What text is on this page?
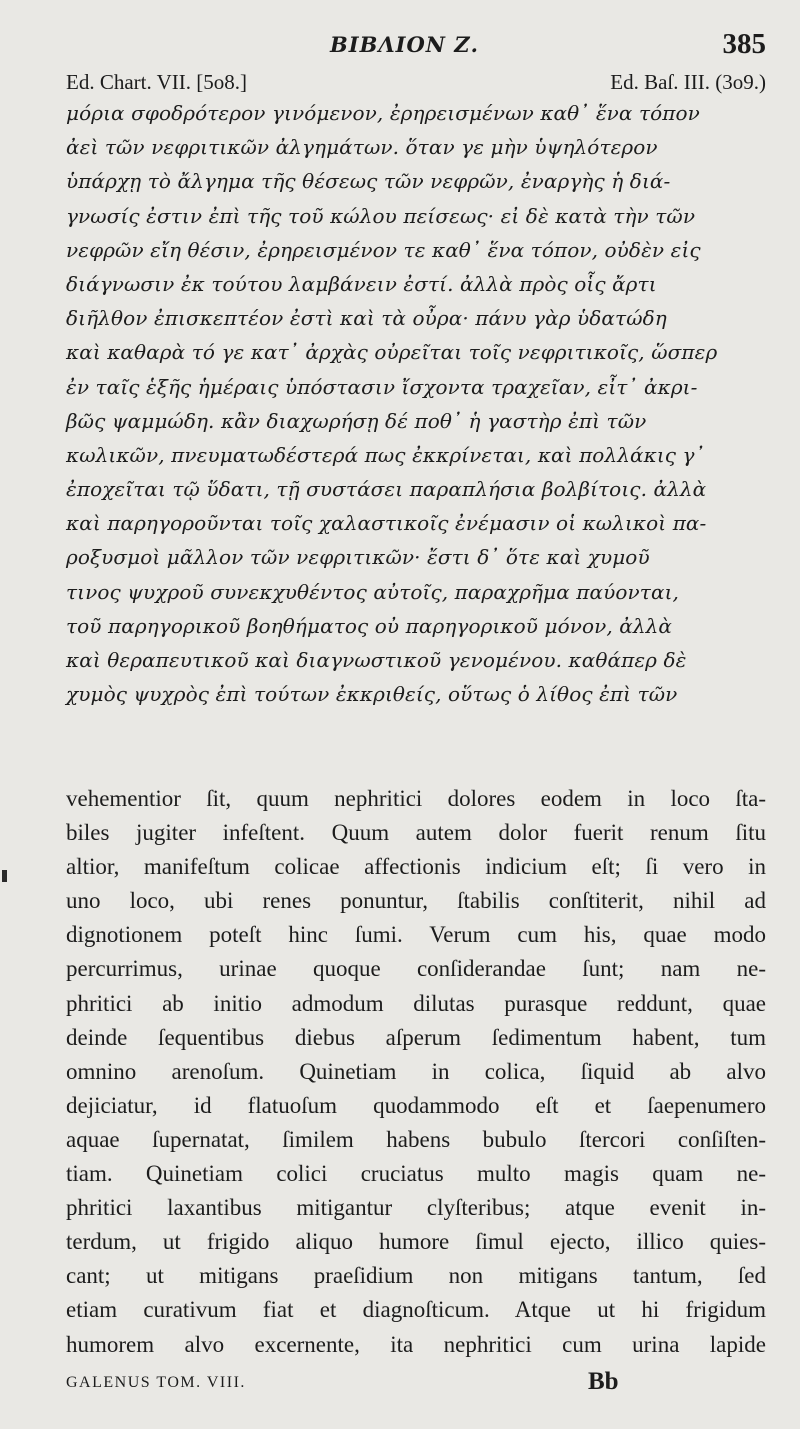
ΒΙΒΛΙΟΝ Ζ.	385
Ed. Chart. VII. [5o8.]	Ed. Baſ. III. (3o9.)
μόρια σφοδρότερον γινόμενον, ἐρηρεισμένων καθ᾽ ἕνα τόπον
ἀεὶ τῶν νεφριτικῶν ἀλγημάτων. ὅταν γε μὴν ὑψηλότερον
ὑπάρχῃ τὸ ἄλγημα τῆς θέσεως τῶν νεφρῶν, ἐναργὴς ἡ διά-
γνωσίς ἐστιν ἐπὶ τῆς τοῦ κώλου πείσεως· εἰ δὲ κατὰ τὴν τῶν
νεφρῶν εἴη θέσιν, ἐρηρεισμένον τε καθ᾽ ἕνα τόπον, οὐδὲν εἰς
διάγνωσιν ἐκ τούτου λαμβάνειν ἐστί. ἀλλὰ πρὸς οἷς ἄρτι
διῆλθον ἐπισκεπτέον ἐστὶ καὶ τὰ οὖρα· πάνυ γὰρ ὑδατώδη
καὶ καθαρὰ τό γε κατ᾽ ἀρχὰς οὐρεῖται τοῖς νεφριτικοῖς, ὥσπερ
ἐν ταῖς ἑξῆς ἡμέραις ὑπόστασιν ἴσχοντα τραχεῖαν, εἶτ᾽ ἀκρι-
βῶς ψαμμώδη. κἂν διαχωρήσῃ δέ ποθ᾽ ἡ γαστὴρ ἐπὶ τῶν
κωλικῶν, πνευματωδέστερά πως ἐκκρίνεται, καὶ πολλάκις γ᾽
ἐποχεῖται τῷ ὕδατι, τῇ συστάσει παραπλήσια βολβίτοις. ἀλλὰ
καὶ παρηγοροῦνται τοῖς χαλαστικοῖς ἐνέμασιν οἱ κωλικοὶ πα-
ροξυσμοὶ μᾶλλον τῶν νεφριτικῶν· ἔστι δ᾽ ὅτε καὶ χυμοῦ
τινος ψυχροῦ συνεκχυθέντος αὐτοῖς, παραχρῆμα παύονται,
τοῦ παρηγορικοῦ βοηθήματος οὐ παρηγορικοῦ μόνον, ἀλλὰ
καὶ θεραπευτικοῦ καὶ διαγνωστικοῦ γενομένου. καθάπερ δὲ
χυμὸς ψυχρὸς ἐπὶ τούτων ἐκκριθείς, οὕτως ὁ λίθος ἐπὶ τῶν
vehementior ſit, quum nephritici dolores eodem in loco ſta-
biles jugiter infeſtent. Quum autem dolor fuerit renum ſitu
altior, manifeſtum colicae affectionis indicium eſt; ſi vero in
uno loco, ubi renes ponuntur, ſtabilis conſtiterit, nihil ad
dignotionem poteſt hinc ſumi. Verum cum his, quae modo
percurrimus, urinae quoque conſiderandae ſunt; nam ne-
phritici ab initio admodum dilutas purasque reddunt, quae
deinde ſequentibus diebus aſperum ſedimentum habent, tum
omnino arenoſum. Quinetiam in colica, ſiquid ab alvo
dejiciatur, id flatuoſum quodammodo eſt et ſaepenumero
aquae ſupernatat, ſimilem habens bubulo ſtercori conſiſten-
tiam. Quinetiam colici cruciatus multo magis quam ne-
phritici laxantibus mitigantur clyſteribus; atque evenit in-
terdum, ut frigido aliquo humore ſimul ejecto, illico quies-
cant; ut mitigans praeſidium non mitigans tantum, ſed
etiam curativum fiat et diagnoſticum. Atque ut hi frigidum
humorem alvo excernente, ita nephritici cum urina lapide
GALENUS TOM. VIII.	Bb
